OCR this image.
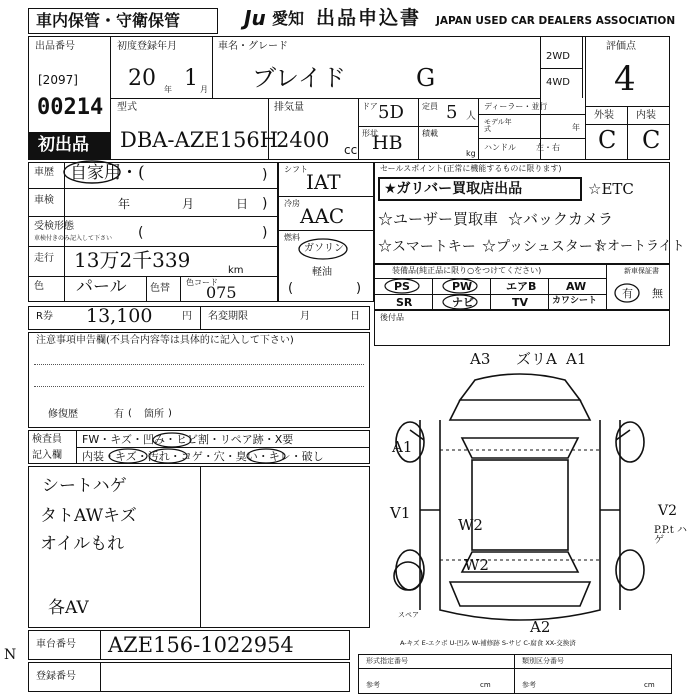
車内保管・守衛保管	Ju 愛知 出品申込書 JAPAN USED CAR DEALERS ASSOCIATION
出品番号
[2097]
00214
初出品
初度登録年月
20 年 1 月
車名・グレード
ブレイド	G
2WD
4WD
評価点
4
外装 内装
C C
型式
DBA-AZE156H
排気量
2400 cc
ドア 5D 定員 5 人
形状
HB 積載
kg
ディーラー・並行
モデル年式	年
ハンドル	左・右
車歴 自家用・(	)
車検	年	月	日 )
受検形態
車検付きのみ記入して下さい (	)
走行 13万2千339	km
色 パール 色替
色コード
075
シフト
IAT
冷房
AAC
燃料
ガソリン
軽油
(	)
セールスポイント(正常に機能するものに限ります)
★ガリバー買取店出品	☆ETC
☆ユーザー買取車 ☆バックカメラ
☆スマートキー ☆プッシュスタート
☆オートライト
装備品(純正品に限り○をつけてください)
PS	PW	エアB	AW
SR	ナビ	TV	カワシート
新車保証書
有 無
R券 13,100	円 名変期限	月	日	後付品
注意事項申告欄(不具合内容等は具体的に記入して下さい)
修復歴	有 ( 箇所 )
検査員
記入欄
FW・キズ・凹み・ヒビ割・リペア跡・X要
内装・キズ・汚れ・コゲ・穴・臭い・キレ・破し
シートハゲ
タトAWキズ
オイルもれ
各AV
N
A3 ズリA A1
A1
V1
W2
W2
V2
P.P.t ハゲ
A2
スペア
A-キズ E-エクボ U-凹み W-補修跡 S-サビ C-腐食 XX-交換済
車台番号 AZE156-1022954
登録番号
形式指定番号	類別区分番号
参考	cm	参考	cm
